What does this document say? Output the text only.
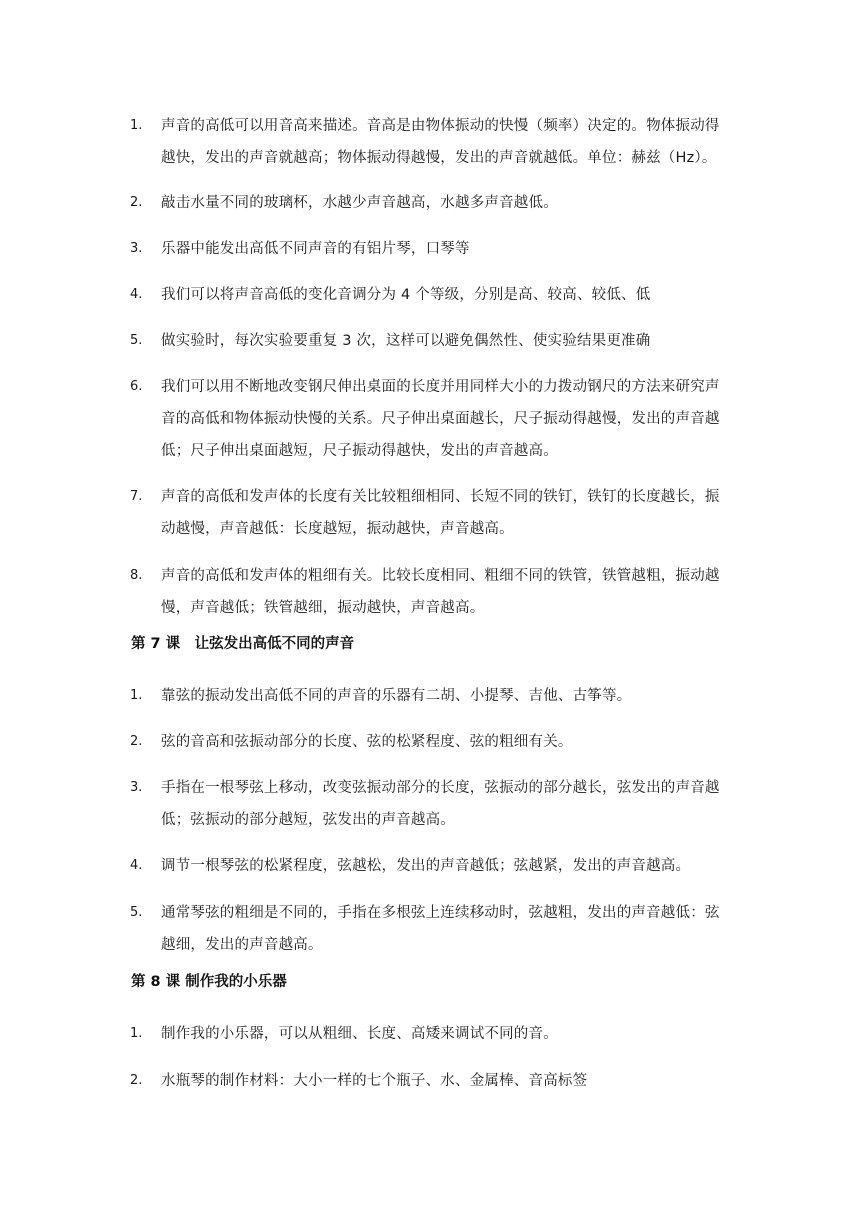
1. 声音的高低可以用音高来描述。音高是由物体振动的快慢（频率）决定的。物体振动得越快，发出的声音就越高；物体振动得越慢，发出的声音就越低。单位：赫兹（Hz）。
2. 敲击水量不同的玻璃杯，水越少声音越高，水越多声音越低。
3. 乐器中能发出高低不同声音的有铝片琴，口琴等
4. 我们可以将声音高低的变化音调分为 4 个等级，分别是高、较高、较低、低
5. 做实验时，每次实验要重复 3 次，这样可以避免偶然性、使实验结果更准确
6. 我们可以用不断地改变钢尺伸出桌面的长度并用同样大小的力拨动钢尺的方法来研究声音的高低和物体振动快慢的关系。尺子伸出桌面越长，尺子振动得越慢，发出的声音越低；尺子伸出桌面越短，尺子振动得越快，发出的声音越高。
7. 声音的高低和发声体的长度有关比较粗细相同、长短不同的铁钉，铁钉的长度越长，振动越慢，声音越低：长度越短，振动越快，声音越高。
8. 声音的高低和发声体的粗细有关。比较长度相同、粗细不同的铁管，铁管越粗，振动越慢，声音越低；铁管越细，振动越快，声音越高。
第 7 课　让弦发出高低不同的声音
1. 靠弦的振动发出高低不同的声音的乐器有二胡、小提琴、吉他、古筝等。
2. 弦的音高和弦振动部分的长度、弦的松紧程度、弦的粗细有关。
3. 手指在一根琴弦上移动，改变弦振动部分的长度，弦振动的部分越长，弦发出的声音越低；弦振动的部分越短，弦发出的声音越高。
4. 调节一根琴弦的松紧程度，弦越松，发出的声音越低；弦越紧，发出的声音越高。
5. 通常琴弦的粗细是不同的，手指在多根弦上连续移动时，弦越粗，发出的声音越低：弦越细，发出的声音越高。
第 8 课 制作我的小乐器
1. 制作我的小乐器，可以从粗细、长度、高矮来调试不同的音。
2. 水瓶琴的制作材料：大小一样的七个瓶子、水、金属棒、音高标签
